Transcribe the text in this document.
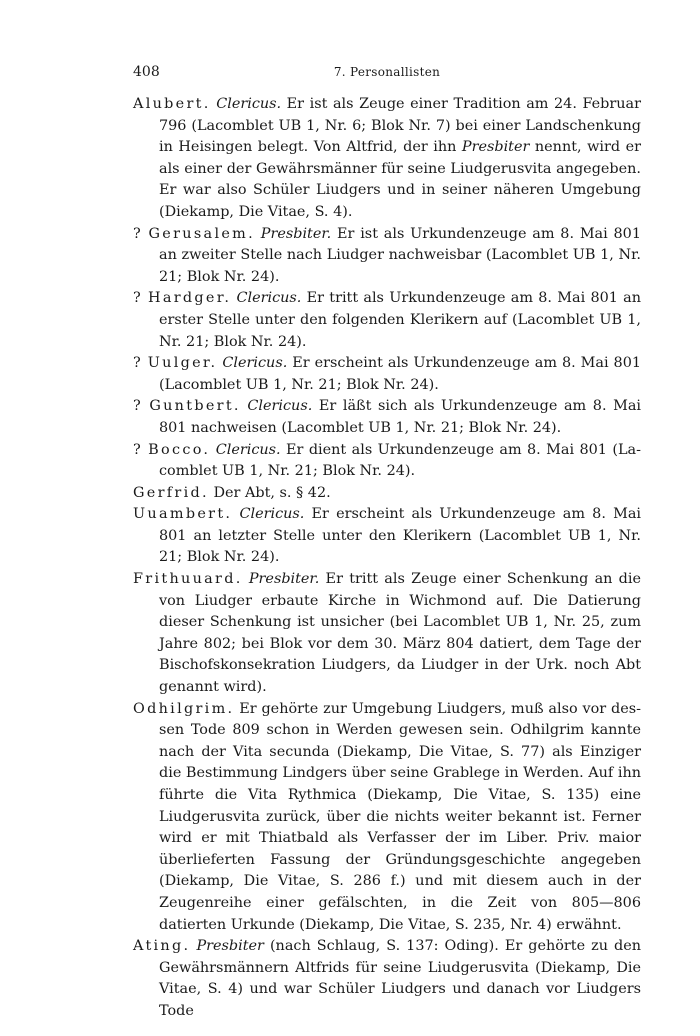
408	7. Personallisten

Alubert. Clericus. Er ist als Zeuge einer Tradition am 24. Februar 796 (Lacomblet UB 1, Nr. 6; Blok Nr. 7) bei einer Landschenkung in Heisingen belegt. Von Altfrid, der ihn Presbiter nennt, wird er als einer der Gewährsmänner für seine Liudgerusvita angegeben. Er war also Schüler Liudgers und in seiner näheren Umgebung (Diekamp, Die Vitae, S. 4).

? Gerusalem. Presbiter. Er ist als Urkundenzeuge am 8. Mai 801 an zweiter Stelle nach Liudger nachweisbar (Lacomblet UB 1, Nr. 21; Blok Nr. 24).

? Hardger. Clericus. Er tritt als Urkundenzeuge am 8. Mai 801 an erster Stelle unter den folgenden Klerikern auf (Lacomblet UB 1, Nr. 21; Blok Nr. 24).

? Uulger. Clericus. Er erscheint als Urkundenzeuge am 8. Mai 801 (Lacomblet UB 1, Nr. 21; Blok Nr. 24).

? Guntbert. Clericus. Er läßt sich als Urkundenzeuge am 8. Mai 801 nachweisen (Lacomblet UB 1, Nr. 21; Blok Nr. 24).

? Bocco. Clericus. Er dient als Urkundenzeuge am 8. Mai 801 (Lacomblet UB 1, Nr. 21; Blok Nr. 24).

Gerfrid. Der Abt, s. § 42.

Uuambert. Clericus. Er erscheint als Urkundenzeuge am 8. Mai 801 an letzter Stelle unter den Klerikern (Lacomblet UB 1, Nr. 21; Blok Nr. 24).

Frithuuard. Presbiter. Er tritt als Zeuge einer Schenkung an die von Liudger erbaute Kirche in Wichmond auf. Die Datierung dieser Schenkung ist unsicher (bei Lacomblet UB 1, Nr. 25, zum Jahre 802; bei Blok vor dem 30. März 804 datiert, dem Tage der Bischofskonsekration Liudgers, da Liudger in der Urk. noch Abt genannt wird).

Odhilgrim. Er gehörte zur Umgebung Liudgers, muß also vor dessen Tode 809 schon in Werden gewesen sein. Odhilgrim kannte nach der Vita secunda (Diekamp, Die Vitae, S. 77) als Einziger die Bestimmung Lindgers über seine Grablege in Werden. Auf ihn führte die Vita Rythmica (Diekamp, Die Vitae, S. 135) eine Liudgerusvita zurück, über die nichts weiter bekannt ist. Ferner wird er mit Thiatbald als Verfasser der im Liber. Priv. maior überlieferten Fassung der Gründungsgeschichte angegeben (Diekamp, Die Vitae, S. 286 f.) und mit diesem auch in der Zeugenreihe einer gefälschten, in die Zeit von 805—806 datierten Urkunde (Diekamp, Die Vitae, S. 235, Nr. 4) erwähnt.

Ating. Presbiter (nach Schlaug, S. 137: Oding). Er gehörte zu den Gewährsmännern Altfrids für seine Liudgerusvita (Diekamp, Die Vitae, S. 4) und war Schüler Liudgers und danach vor Liudgers Tode
